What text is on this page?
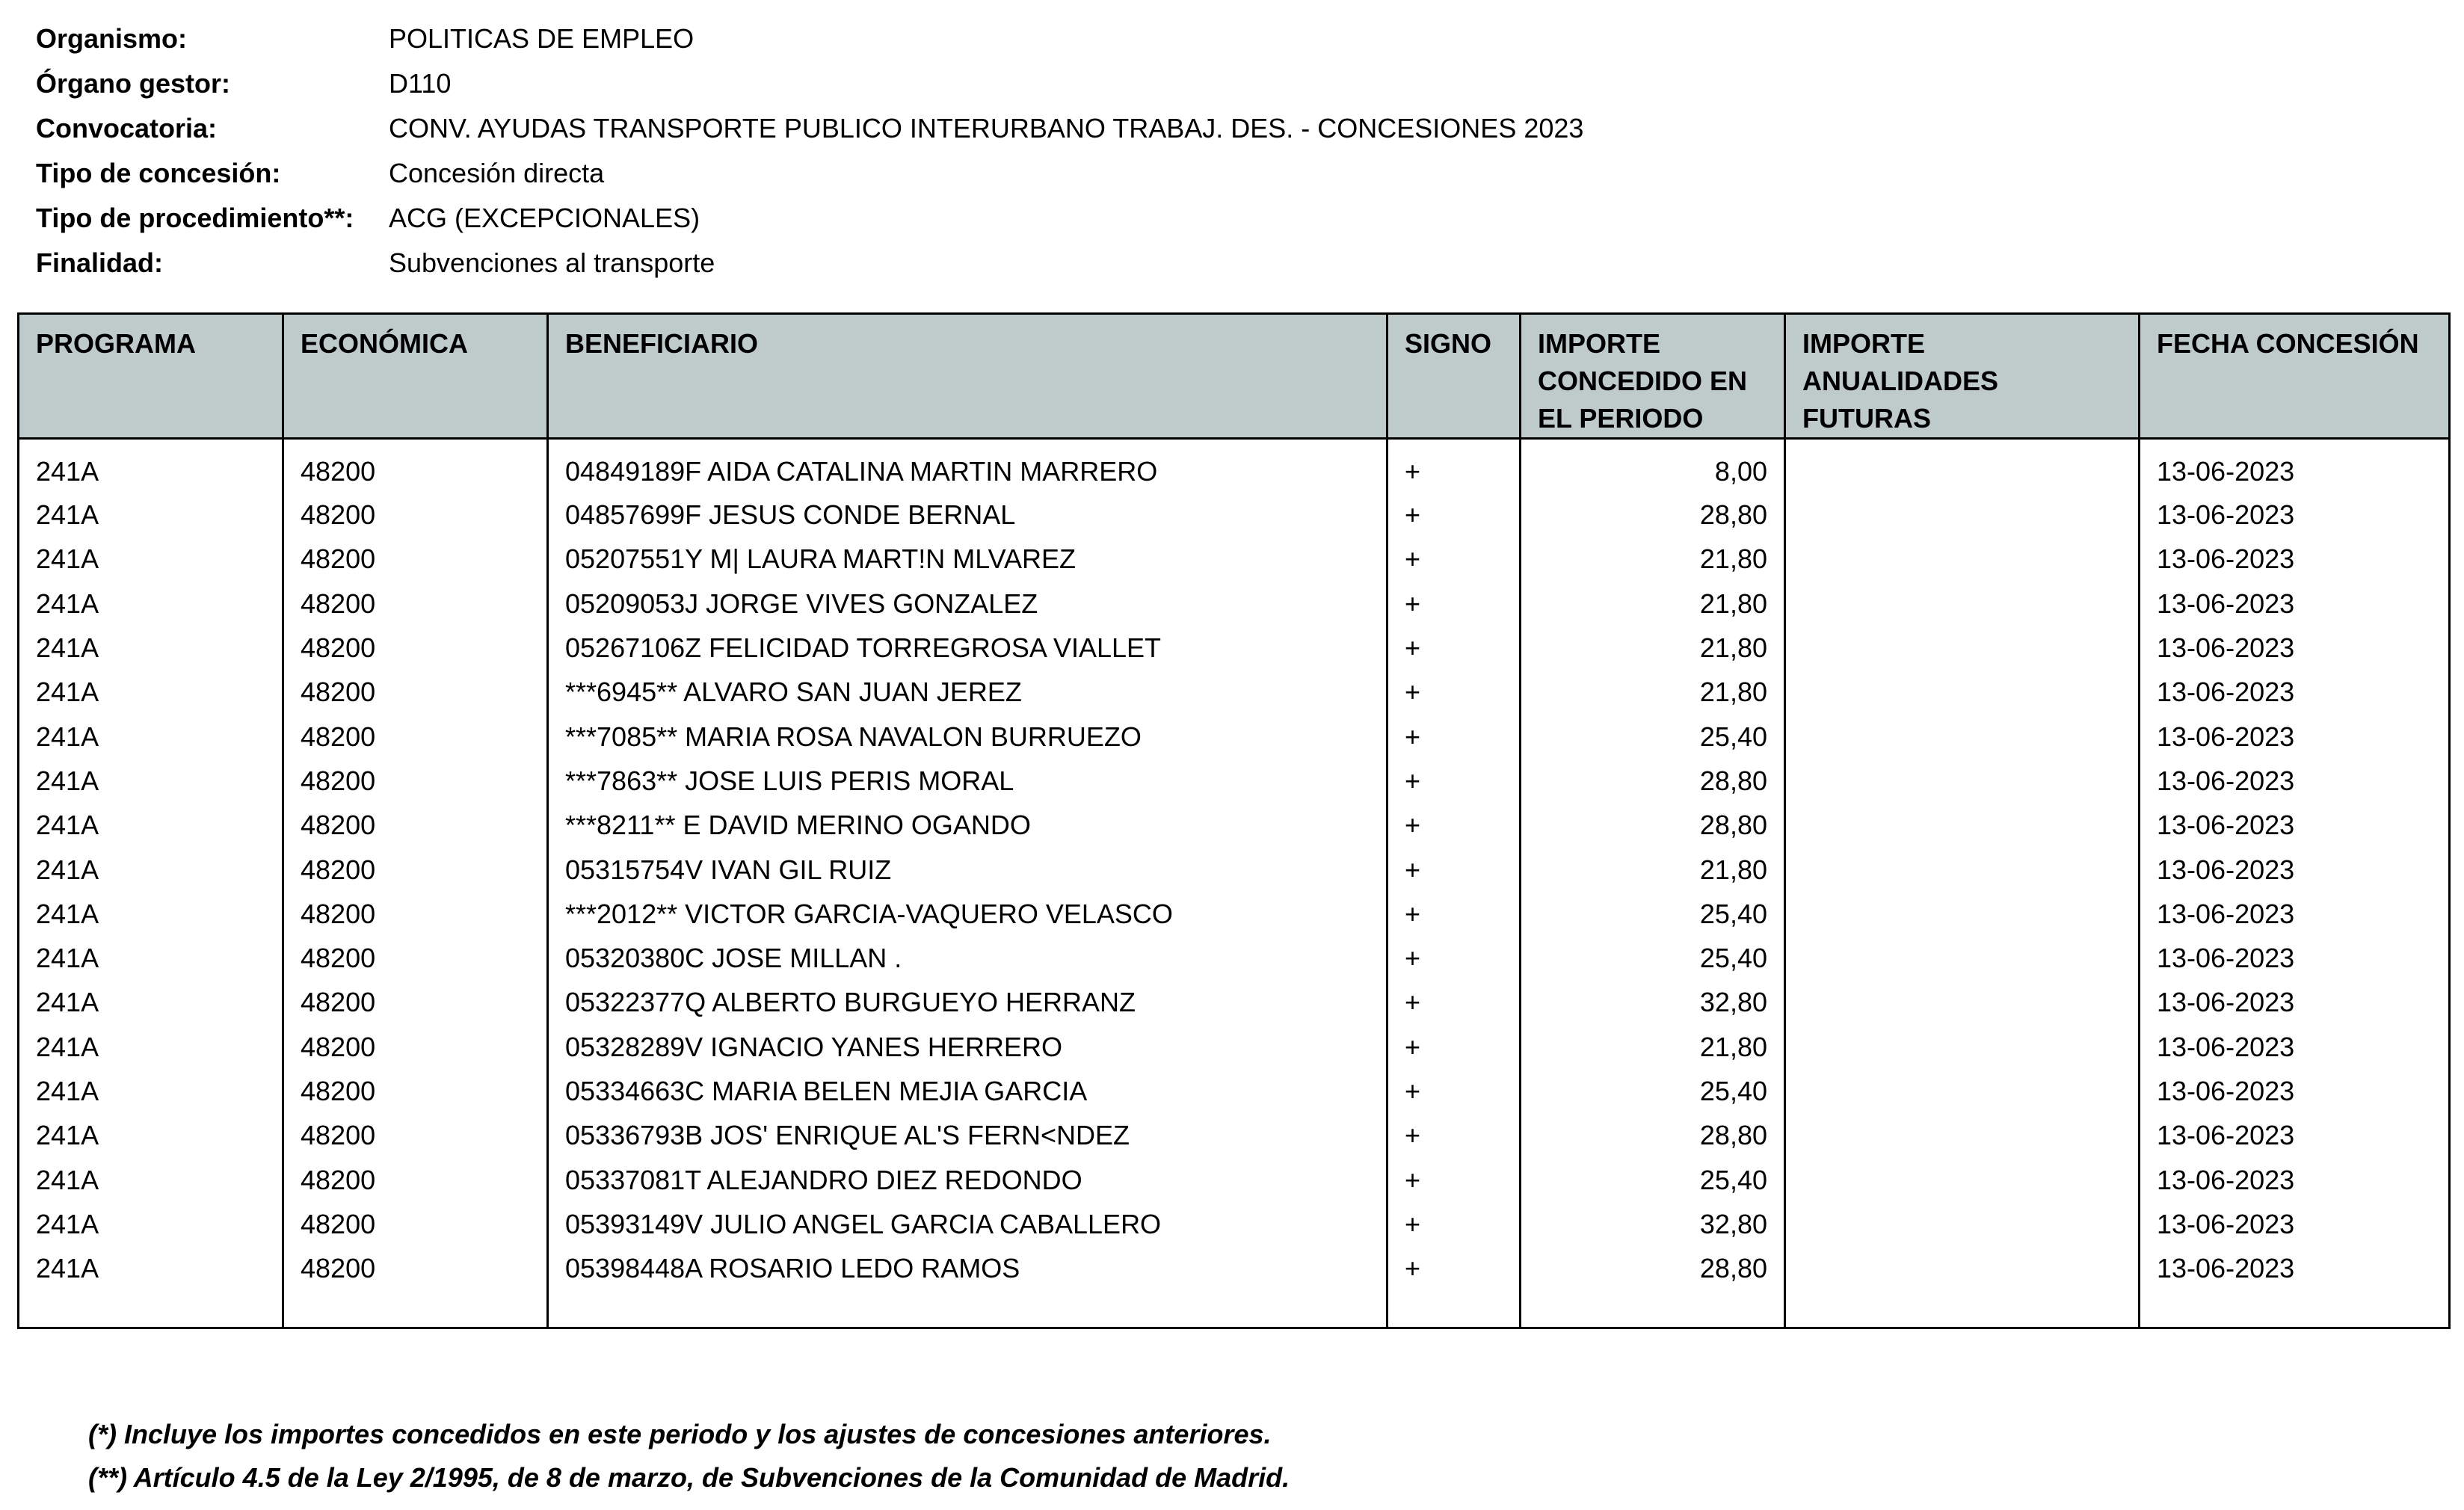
Organismo:	POLITICAS DE EMPLEO
Órgano gestor:	D110
Convocatoria:	CONV. AYUDAS TRANSPORTE PUBLICO INTERURBANO TRABAJ. DES. - CONCESIONES 2023
Tipo de concesión:	Concesión directa
Tipo de procedimiento**:	ACG (EXCEPCIONALES)
Finalidad:	Subvenciones al transporte
PROGRAMA	ECONÓMICA	BENEFICIARIO	SIGNO	IMPORTE CONCEDIDO EN EL PERIODO	IMPORTE ANUALIDADES FUTURAS	FECHA CONCESIÓN
241A	48200	04849189F AIDA CATALINA MARTIN MARRERO	+	8,00		13-06-2023
241A	48200	04857699F JESUS CONDE BERNAL	+	28,80		13-06-2023
241A	48200	05207551Y M| LAURA MART!N MLVAREZ	+	21,80		13-06-2023
241A	48200	05209053J JORGE VIVES GONZALEZ	+	21,80		13-06-2023
241A	48200	05267106Z FELICIDAD TORREGROSA VIALLET	+	21,80		13-06-2023
241A	48200	***6945** ALVARO SAN JUAN JEREZ	+	21,80		13-06-2023
241A	48200	***7085** MARIA ROSA NAVALON BURRUEZO	+	25,40		13-06-2023
241A	48200	***7863** JOSE LUIS PERIS MORAL	+	28,80		13-06-2023
241A	48200	***8211** E DAVID MERINO OGANDO	+	28,80		13-06-2023
241A	48200	05315754V IVAN GIL RUIZ	+	21,80		13-06-2023
241A	48200	***2012** VICTOR GARCIA-VAQUERO VELASCO	+	25,40		13-06-2023
241A	48200	05320380C JOSE MILLAN .	+	25,40		13-06-2023
241A	48200	05322377Q ALBERTO BURGUEYO HERRANZ	+	32,80		13-06-2023
241A	48200	05328289V IGNACIO YANES HERRERO	+	21,80		13-06-2023
241A	48200	05334663C MARIA BELEN MEJIA GARCIA	+	25,40		13-06-2023
241A	48200	05336793B JOS' ENRIQUE AL'S FERN<NDEZ	+	28,80		13-06-2023
241A	48200	05337081T ALEJANDRO DIEZ REDONDO	+	25,40		13-06-2023
241A	48200	05393149V JULIO ANGEL GARCIA CABALLERO	+	32,80		13-06-2023
241A	48200	05398448A ROSARIO LEDO RAMOS	+	28,80		13-06-2023

(*) Incluye los importes concedidos en este periodo y los ajustes de concesiones anteriores.
(**) Artículo 4.5 de la Ley 2/1995, de 8 de marzo, de Subvenciones de la Comunidad de Madrid.
